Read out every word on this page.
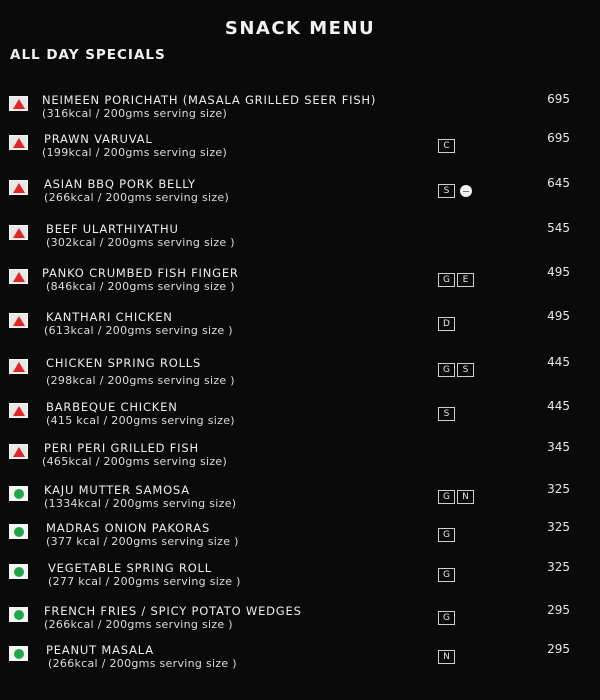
SNACK MENU
ALL DAY SPECIALS
NEIMEEN PORICHATH (MASALA GRILLED SEER FISH)
(316kcal / 200gms serving size)
695
PRAWN VARUVAL
(199kcal / 200gms serving size)	C
695
ASIAN BBQ PORK BELLY
(266kcal / 200gms serving size)	S
645
BEEF ULARTHIYATHU
(302kcal / 200gms serving size )
545
PANKO CRUMBED FISH FINGER
(846kcal / 200gms serving size )	G	E
495
KANTHARI CHICKEN
(613kcal / 200gms serving size )	D
495
CHICKEN SPRING ROLLS
(298kcal / 200gms serving size )
G	S
445
BARBEQUE CHICKEN
(415 kcal / 200gms serving size)	S
445
PERI PERI GRILLED FISH
(465kcal / 200gms serving size)
345
KAJU MUTTER SAMOSA
(1334kcal / 200gms serving size)	G	N
325
MADRAS ONION PAKORAS
(377 kcal / 200gms serving size )	G
325
VEGETABLE SPRING ROLL
(277 kcal / 200gms serving size )	G
325
FRENCH FRIES / SPICY POTATO WEDGES
(266kcal / 200gms serving size )	G
295
PEANUT MASALA
(266kcal / 200gms serving size )	N
295
